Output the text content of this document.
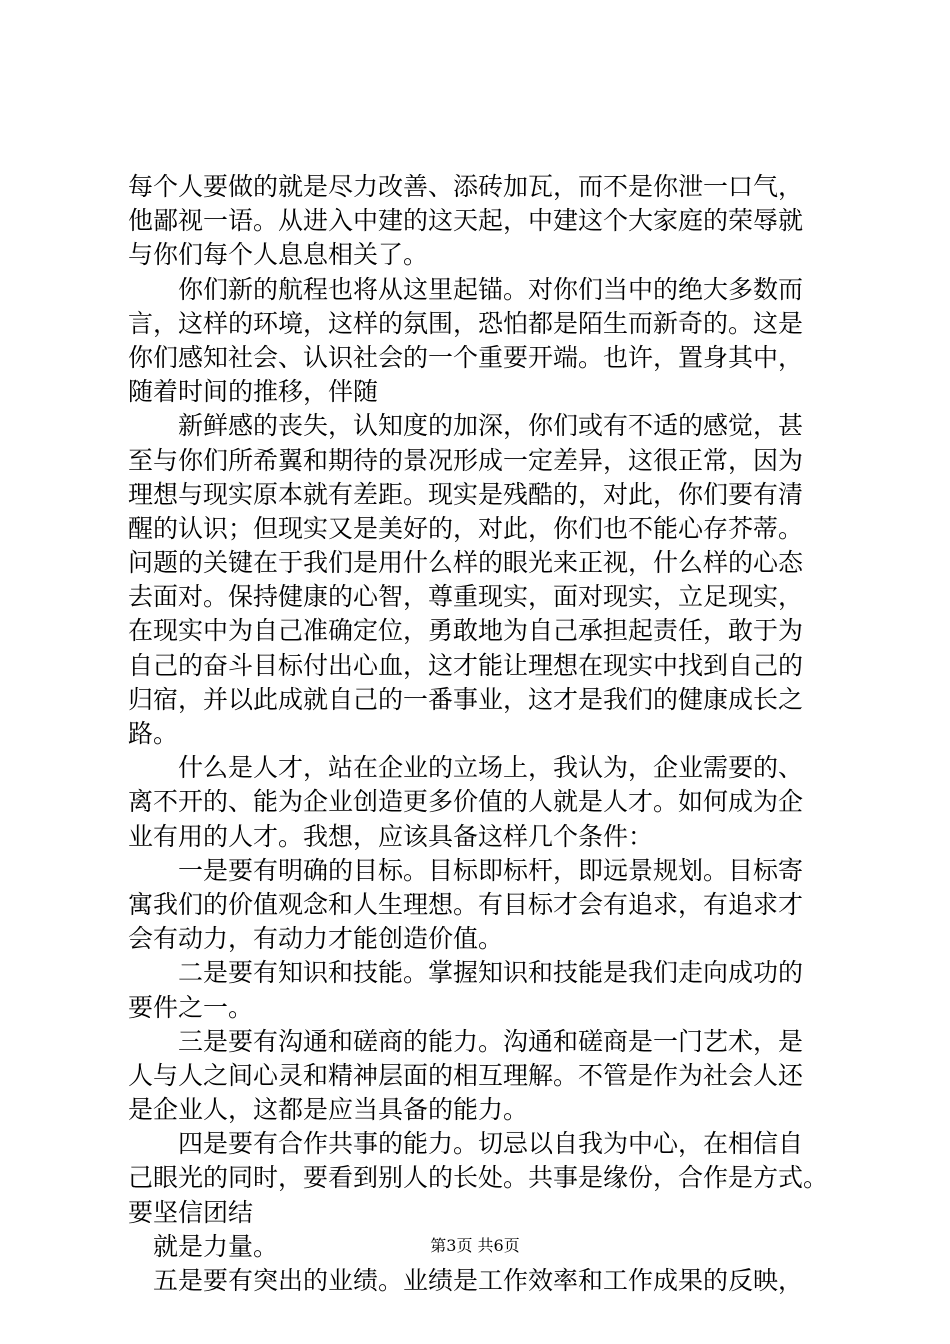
每个人要做的就是尽力改善、添砖加瓦，而不是你泄一口气，
他鄙视一语。从进入中建的这天起，中建这个大家庭的荣辱就
与你们每个人息息相关了。
你们新的航程也将从这里起锚。对你们当中的绝大多数而
言，这样的环境，这样的氛围，恐怕都是陌生而新奇的。这是
你们感知社会、认识社会的一个重要开端。也许，置身其中，
随着时间的推移，伴随
新鲜感的丧失，认知度的加深，你们或有不适的感觉，甚
至与你们所希翼和期待的景况形成一定差异，这很正常，因为
理想与现实原本就有差距。现实是残酷的，对此，你们要有清
醒的认识；但现实又是美好的，对此，你们也不能心存芥蒂。
问题的关键在于我们是用什么样的眼光来正视，什么样的心态
去面对。保持健康的心智，尊重现实，面对现实，立足现实，
在现实中为自己准确定位，勇敢地为自己承担起责任，敢于为
自己的奋斗目标付出心血，这才能让理想在现实中找到自己的
归宿，并以此成就自己的一番事业，这才是我们的健康成长之
路。
什么是人才，站在企业的立场上，我认为，企业需要的、
离不开的、能为企业创造更多价值的人就是人才。如何成为企
业有用的人才。我想，应该具备这样几个条件：
一是要有明确的目标。目标即标杆，即远景规划。目标寄
寓我们的价值观念和人生理想。有目标才会有追求，有追求才
会有动力，有动力才能创造价值。
二是要有知识和技能。掌握知识和技能是我们走向成功的
要件之一。
三是要有沟通和磋商的能力。沟通和磋商是一门艺术，是
人与人之间心灵和精神层面的相互理解。不管是作为社会人还
是企业人，这都是应当具备的能力。
四是要有合作共事的能力。切忌以自我为中心，在相信自
己眼光的同时，要看到别人的长处。共事是缘份，合作是方式。
要坚信团结
就是力量。
五是要有突出的业绩。业绩是工作效率和工作成果的反映，
第3页 共6页
